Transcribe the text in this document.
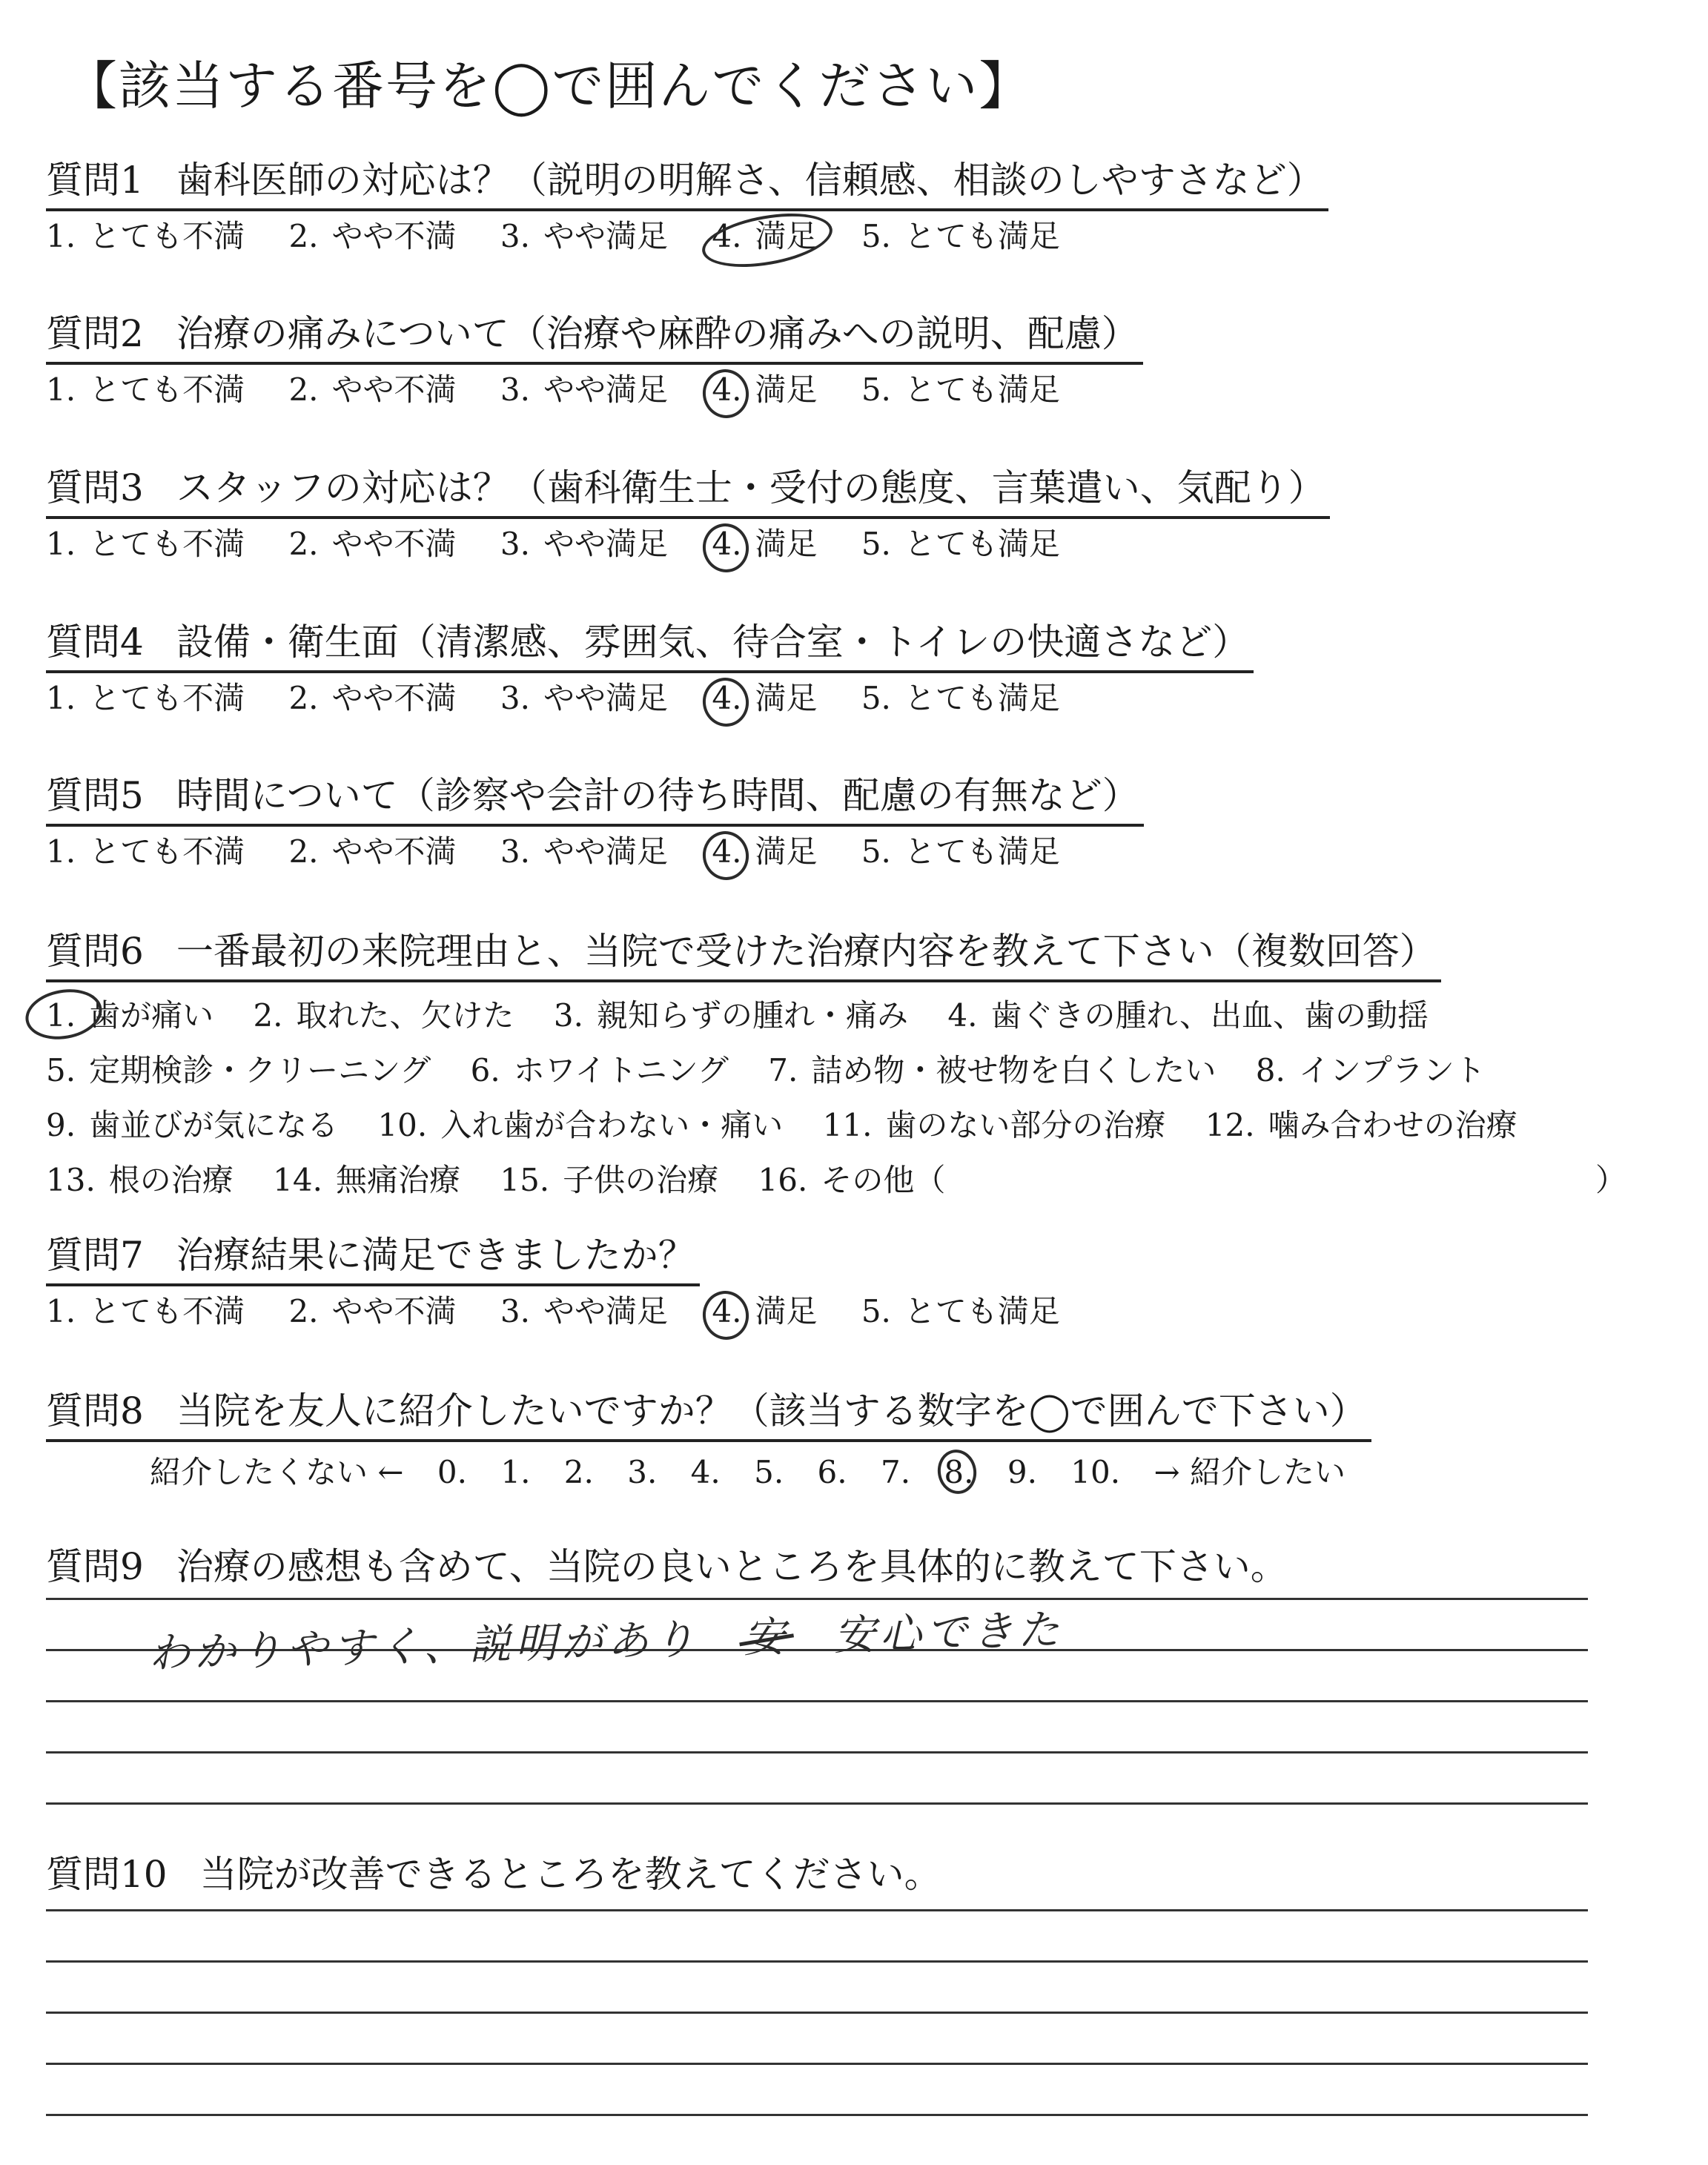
【該当する番号を◯で囲んでください】
質問1 歯科医師の対応は？（説明の明解さ、信頼感、相談のしやすさなど）
1. とても不満 2. やや不満 3. やや満足 4. 満足 5. とても満足
質問2 治療の痛みについて（治療や麻酔の痛みへの説明、配慮）
1. とても不満 2. やや不満 3. やや満足 4. 満足 5. とても満足
質問3 スタッフの対応は？（歯科衛生士・受付の態度、言葉遣い、気配り）
1. とても不満 2. やや不満 3. やや満足 4. 満足 5. とても満足
質問4 設備・衛生面（清潔感、雰囲気、待合室・トイレの快適さなど）
1. とても不満 2. やや不満 3. やや満足 4. 満足 5. とても満足
質問5 時間について（診察や会計の待ち時間、配慮の有無など）
1. とても不満 2. やや不満 3. やや満足 4. 満足 5. とても満足
質問6 一番最初の来院理由と、当院で受けた治療内容を教えて下さい（複数回答）
1. 歯が痛い 2. 取れた、欠けた 3. 親知らずの腫れ・痛み 4. 歯ぐきの腫れ、出血、歯の動揺
5. 定期検診・クリーニング 6. ホワイトニング 7. 詰め物・被せ物を白くしたい 8. インプラント
9. 歯並びが気になる 10. 入れ歯が合わない・痛い 11. 歯のない部分の治療 12. 噛み合わせの治療
13. 根の治療 14. 無痛治療 15. 子供の治療 16. その他（	）
質問7 治療結果に満足できましたか？
1. とても不満 2. やや不満 3. やや満足 4. 満足 5. とても満足
質問8 当院を友人に紹介したいですか？（該当する数字を◯で囲んで下さい）
紹介したくない ← 0. 1. 2. 3. 4. 5. 6. 7. 8. 9. 10. → 紹介したい
質問9 治療の感想も含めて、当院の良いところを具体的に教えて下さい。
わかりやすく、説明があり 安 安心できた
質問10 当院が改善できるところを教えてください。
